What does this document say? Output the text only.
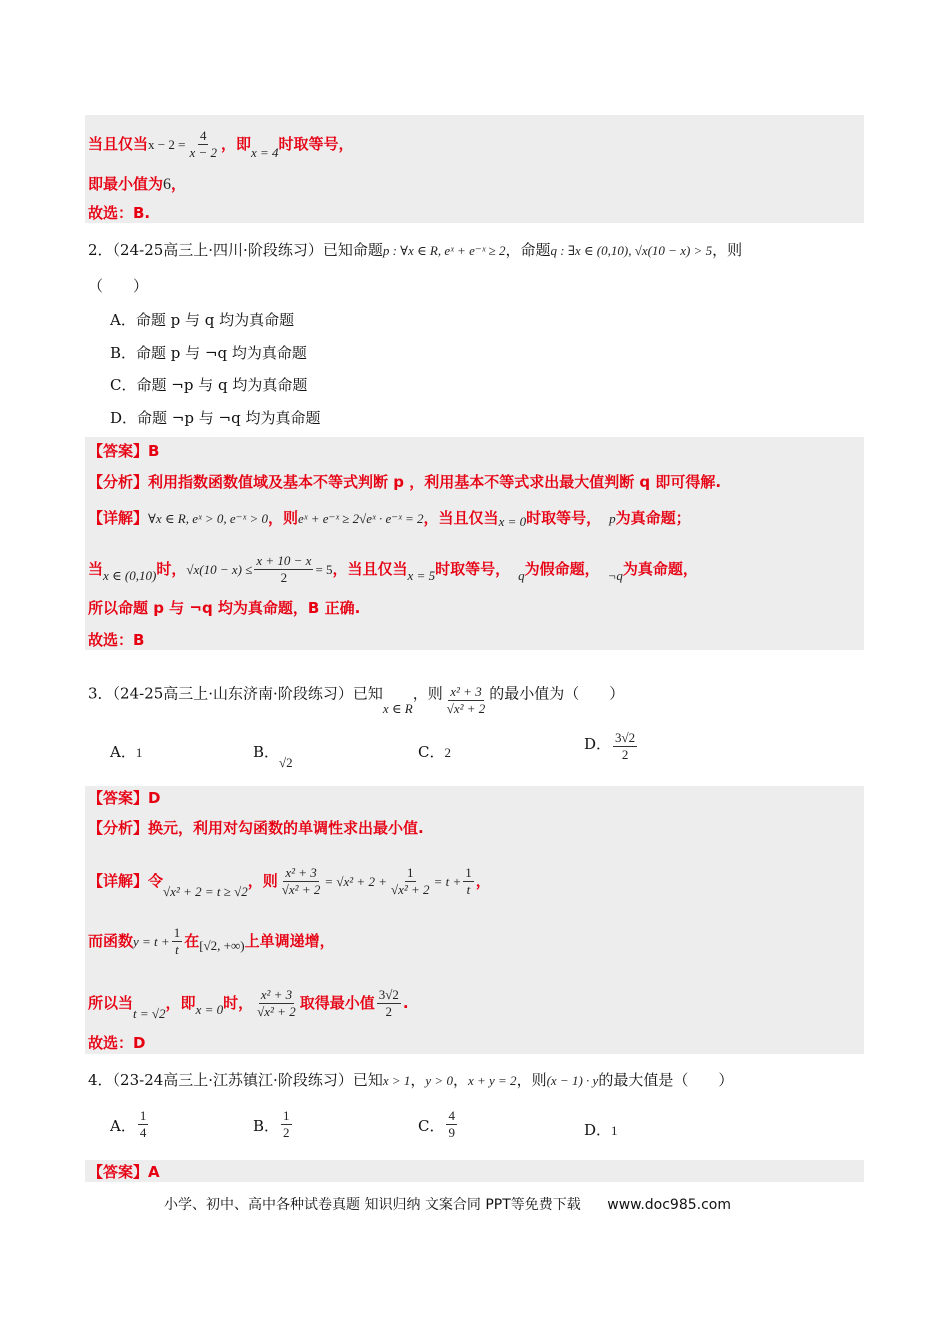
当且仅当$x - 2 = \frac{4}{x - 2}$ ，即x = 4时取等号，
即最小值为6，
故选：B.
2．（24-25高三上·四川·阶段练习）已知命题p : ∀x ∈ R, eˣ + e⁻ˣ ≥ 2，命题q : ∃x ∈ (0,10), √x(10 − x) > 5，则
（　　）
A．命题 p 与 q 均为真命题
B．命题 p 与 ¬q 均为真命题
C．命题 ¬p 与 q 均为真命题
D．命题 ¬p 与 ¬q 均为真命题
【答案】B
【分析】利用指数函数值域及基本不等式判断 p ，利用基本不等式求出最大值判断 q 即可得解.
【详解】∀x ∈ R, eˣ > 0, e⁻ˣ > 0，则eˣ + e⁻ˣ ≥ 2√eˣ · e⁻ˣ = 2，当且仅当x = 0时取等号， p为真命题；
当x ∈ (0,10)时，$√x(10 - x) \le \frac{x + 10 - x}{2} = 5$，当且仅当x = 5时取等号， q为假命题， ¬q为真命题，
所以命题 p 与 ¬q 均为真命题，B 正确.
故选：B
3．（24-25高三上·山东济南·阶段练习）已知x ∈ R，则 $\frac{\text{x² + 3}}{\text{√x² + 2}}$ 的最小值为（　　）
A．1	B．√2
C．2	D． $\frac{3√2}{2}$
【答案】D
【分析】换元，利用对勾函数的单调性求出最小值.
【详解】令√x² + 2 = t ≥ √2，则 $\frac{\text{x² + 3}}{\text{√x² + 2}} = √x^2 + 2 + \frac{1}{\text{√x² + 2}} = t + \frac{1}{t}$ ，
而函数$y = t + \frac{1}{t}$ 在[√2, +∞)上单调递增，
所以当t = √2，即x = 0时， $\frac{\text{x² + 3}}{\text{√x² + 2}}$ 取得最小值 $\frac{3√2}{2}$ .
故选：D
4．（23-24高三上·江苏镇江·阶段练习）已知x > 1，y > 0，x + y = 2，则(x − 1) · y的最大值是（　　）
A． $\frac{1}{4}$	B． $\frac{1}{2}$	C． $\frac{4}{9}$	D．1
【答案】A
小学、初中、高中各种试卷真题 知识归纳 文案合同 PPT等免费下载 www.doc985.com
